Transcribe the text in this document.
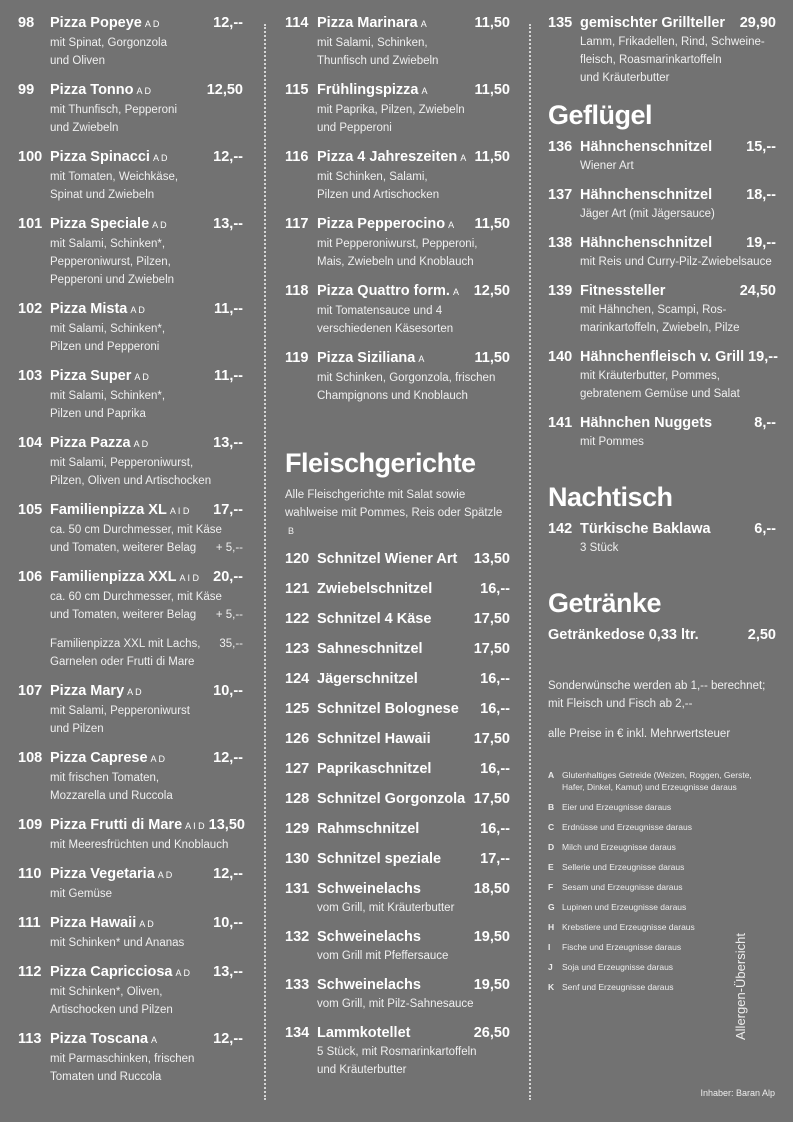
98	Pizza Popeye A D	12,--
mit Spinat, Gorgonzola
und Oliven
99	Pizza Tonno A D	12,50
mit Thunfisch, Pepperoni
und Zwiebeln
100 Pizza Spinacci A D	12,--
mit Tomaten, Weichkäse,
Spinat und Zwiebeln
101 Pizza Speciale A D	13,--
mit Salami, Schinken*,
Pepperoniwurst, Pilzen,
Pepperoni und Zwiebeln
102 Pizza Mista A D	11,--
mit Salami, Schinken*,
Pilzen und Pepperoni
103 Pizza Super A D	11,--
mit Salami, Schinken*,
Pilzen und Paprika
104 Pizza Pazza A D	13,--
mit Salami, Pepperoniwurst,
Pilzen, Oliven und Artischocken
105 Familienpizza XL A I D	17,--
ca. 50 cm Durchmesser, mit Käse
und Tomaten, weiterer Belag + 5,--
106 Familienpizza XXL A I D 20,--
ca. 60 cm Durchmesser, mit Käse
und Tomaten, weiterer Belag + 5,--
Familienpizza XXL mit Lachs, 35,--
Garnelen oder Frutti di Mare
107 Pizza Mary A D	10,--
mit Salami, Pepperoniwurst
und Pilzen
108 Pizza Caprese A D	12,--
mit frischen Tomaten,
Mozzarella und Ruccola
109 Pizza Frutti di Mare A I D 13,50
mit Meeresfrüchten und Knoblauch
110 Pizza Vegetaria A D	12,--
mit Gemüse
111 Pizza Hawaii A D	10,--
mit Schinken* und Ananas
112 Pizza Capricciosa A D	13,--
mit Schinken*, Oliven,
Artischocken und Pilzen
113 Pizza Toscana A	12,--
mit Parmaschinken, frischen
Tomaten und Ruccola
114 Pizza Marinara A	11,50
mit Salami, Schinken,
Thunfisch und Zwiebeln
115 Frühlingspizza A	11,50
mit Paprika, Pilzen, Zwiebeln
und Pepperoni
116 Pizza 4 Jahreszeiten A 11,50
mit Schinken, Salami,
Pilzen und Artischocken
117 Pizza Pepperocino A	11,50
mit Pepperoniwurst, Pepperoni,
Mais, Zwiebeln und Knoblauch
118 Pizza Quattro form. A	12,50
mit Tomatensauce und 4
verschiedenen Käsesorten
119 Pizza Siziliana A	11,50
mit Schinken, Gorgonzola, frischen
Champignons und Knoblauch
Fleischgerichte
Alle Fleischgerichte mit Salat sowie
wahlweise mit Pommes, Reis oder Spätzle B
120 Schnitzel Wiener Art	13,50
121 Zwiebelschnitzel	16,--
122 Schnitzel 4 Käse	17,50
123 Sahneschnitzel	17,50
124 Jägerschnitzel	16,--
125 Schnitzel Bolognese	16,--
126 Schnitzel Hawaii	17,50
127 Paprikaschnitzel	16,--
128 Schnitzel Gorgonzola 17,50
129 Rahmschnitzel	16,--
130 Schnitzel speziale	17,--
131 Schweinelachs	18,50
vom Grill, mit Kräuterbutter
132 Schweinelachs	19,50
vom Grill mit Pfeffersauce
133 Schweinelachs	19,50
vom Grill, mit Pilz-Sahnesauce
134 Lammkotellet	26,50
5 Stück, mit Rosmarinkartoffeln
und Kräuterbutter
135 gemischter Grillteller	29,90
Lamm, Frikadellen, Rind, Schweine-
fleisch, Roasmarinkartoffeln
und Kräuterbutter
Geflügel
136 Hähnchenschnitzel	15,--
Wiener Art
137 Hähnchenschnitzel	18,--
Jäger Art (mit Jägersauce)
138 Hähnchenschnitzel	19,--
mit Reis und Curry-Pilz-Zwiebelsauce
139 Fitnessteller	24,50
mit Hähnchen, Scampi, Ros-
marinkartoffeln, Zwiebeln, Pilze
140 Hähnchenfleisch v. Grill 19,--
mit Kräuterbutter, Pommes,
gebratenem Gemüse und Salat
141 Hähnchen Nuggets	8,--
mit Pommes
Nachtisch
142 Türkische Baklawa	6,--
3 Stück
Getränke
Getränkedose 0,33 ltr.	2,50
Sonderwünsche werden ab 1,-- berechnet;
mit Fleisch und Fisch ab 2,--
alle Preise in € inkl. Mehrwertsteuer
A Glutenhaltiges Getreide (Weizen, Roggen, Gerste, Hafer, Dinkel, Kamut) und Erzeugnisse daraus
B Eier und Erzeugnisse daraus
C Erdnüsse und Erzeugnisse daraus
D Milch und Erzeugnisse daraus
E Sellerie und Erzeugnisse daraus
F	Sesam und Erzeugnisse daraus
G Lupinen und Erzeugnisse daraus
H Krebstiere und Erzeugnisse daraus
I	Fische und Erzeugnisse daraus
J	Soja und Erzeugnisse daraus
K Senf und Erzeugnisse daraus	Allergen-Übersicht
Inhaber: Baran Alp
